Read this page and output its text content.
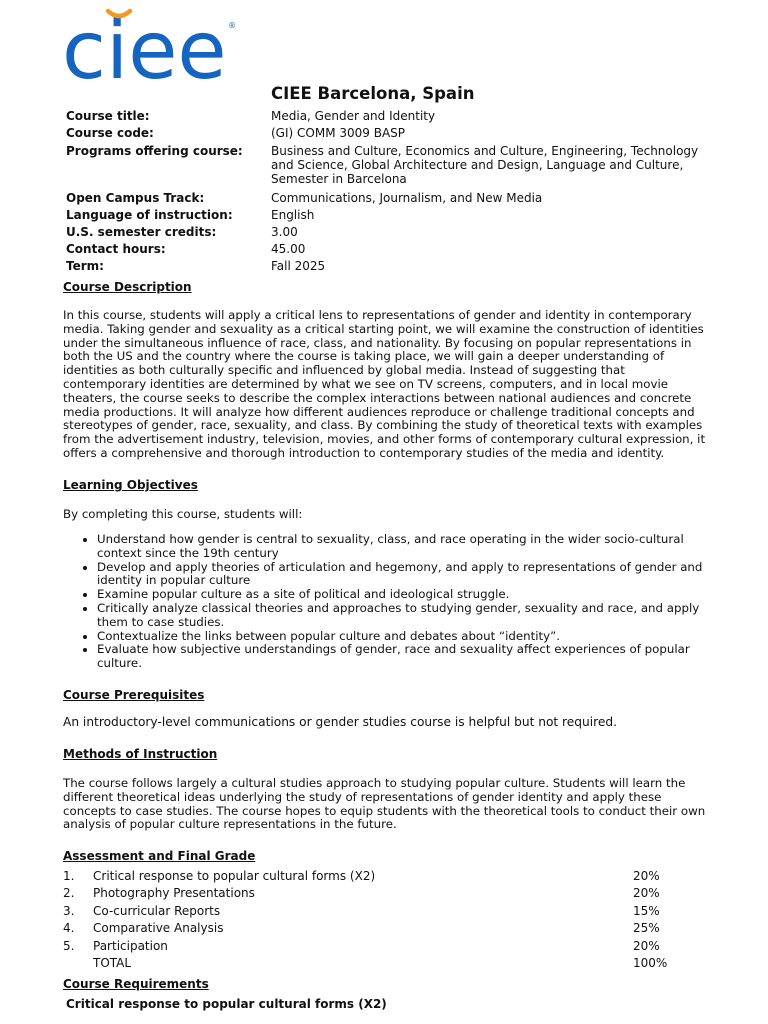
ciee ®
CIEE Barcelona, Spain
Course title:	Media, Gender and Identity
Course code:	(GI) COMM 3009 BASP
Programs offering course:	Business and Culture, Economics and Culture, Engineering, Technology and Science, Global Architecture and Design, Language and Culture, Semester in Barcelona
Open Campus Track:	Communications, Journalism, and New Media
Language of instruction:	English
U.S. semester credits:	3.00
Contact hours:	45.00
Term:	Fall 2025
Course Description

In this course, students will apply a critical lens to representations of gender and identity in contemporary media. Taking gender and sexuality as a critical starting point, we will examine the construction of identities under the simultaneous influence of race, class, and nationality. By focusing on popular representations in both the US and the country where the course is taking place, we will gain a deeper understanding of identities as both culturally specific and influenced by global media. Instead of suggesting that contemporary identities are determined by what we see on TV screens, computers, and in local movie theaters, the course seeks to describe the complex interactions between national audiences and concrete media productions. It will analyze how different audiences reproduce or challenge traditional concepts and stereotypes of gender, race, sexuality, and class. By combining the study of theoretical texts with examples from the advertisement industry, television, movies, and other forms of contemporary cultural expression, it offers a comprehensive and thorough introduction to contemporary studies of the media and identity.

Learning Objectives

By completing this course, students will:

• Understand how gender is central to sexuality, class, and race operating in the wider socio-cultural context since the 19th century
• Develop and apply theories of articulation and hegemony, and apply to representations of gender and identity in popular culture
• Examine popular culture as a site of political and ideological struggle.
• Critically analyze classical theories and approaches to studying gender, sexuality and race, and apply them to case studies.
• Contextualize the links between popular culture and debates about “identity”.
• Evaluate how subjective understandings of gender, race and sexuality affect experiences of popular culture.
Course Prerequisites

An introductory-level communications or gender studies course is helpful but not required.

Methods of Instruction

The course follows largely a cultural studies approach to studying popular culture. Students will learn the different theoretical ideas underlying the study of representations of gender identity and apply these concepts to case studies. The course hopes to equip students with the theoretical tools to conduct their own analysis of popular culture representations in the future.

Assessment and Final Grade
1.	Critical response to popular cultural forms (X2)	20%
2.	Photography Presentations	20%
3.	Co-curricular Reports	15%
4.	Comparative Analysis	25%
5.	Participation	20%
TOTAL	100%
Course Requirements
Critical response to popular cultural forms (X2)
